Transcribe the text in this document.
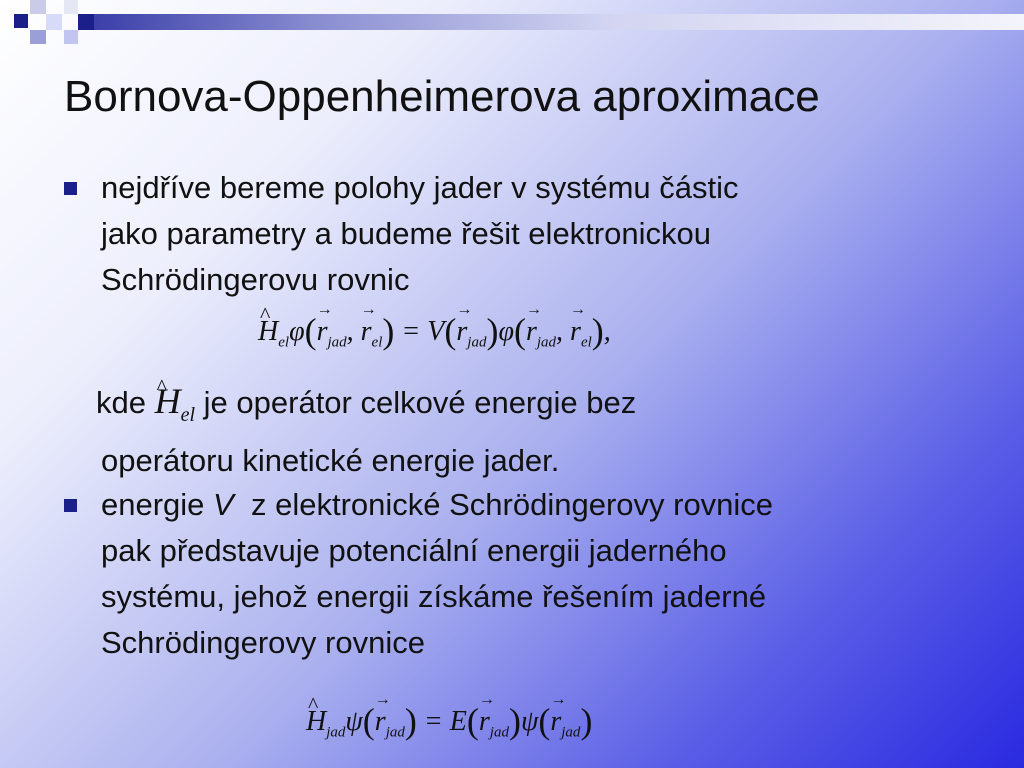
Bornova-Oppenheimerova aproximace

nejdříve bereme polohy jader v systému částic

jako parametry a budeme řešit elektronickou

Schrödingerovu rovnic

^ $H_{el}\varphi(\to r_{jad}$, → $r_{el}) = V(\to r_{jad})\varphi(\to r_{jad}$, → $r_{el}$),
kde ^ $H_{el}$ je operátor celkové energie bez
operátoru kinetické energie jader.

energie V z elektronické Schrödingerovy rovnice

pak představuje potenciální energii jaderného

systému, jehož energii získáme řešením jaderné

Schrödingerovy rovnice

^ $H_{jad}\psi(\to r_{jad}) = E(\to r_{jad})\psi(\to r_{jad})$
